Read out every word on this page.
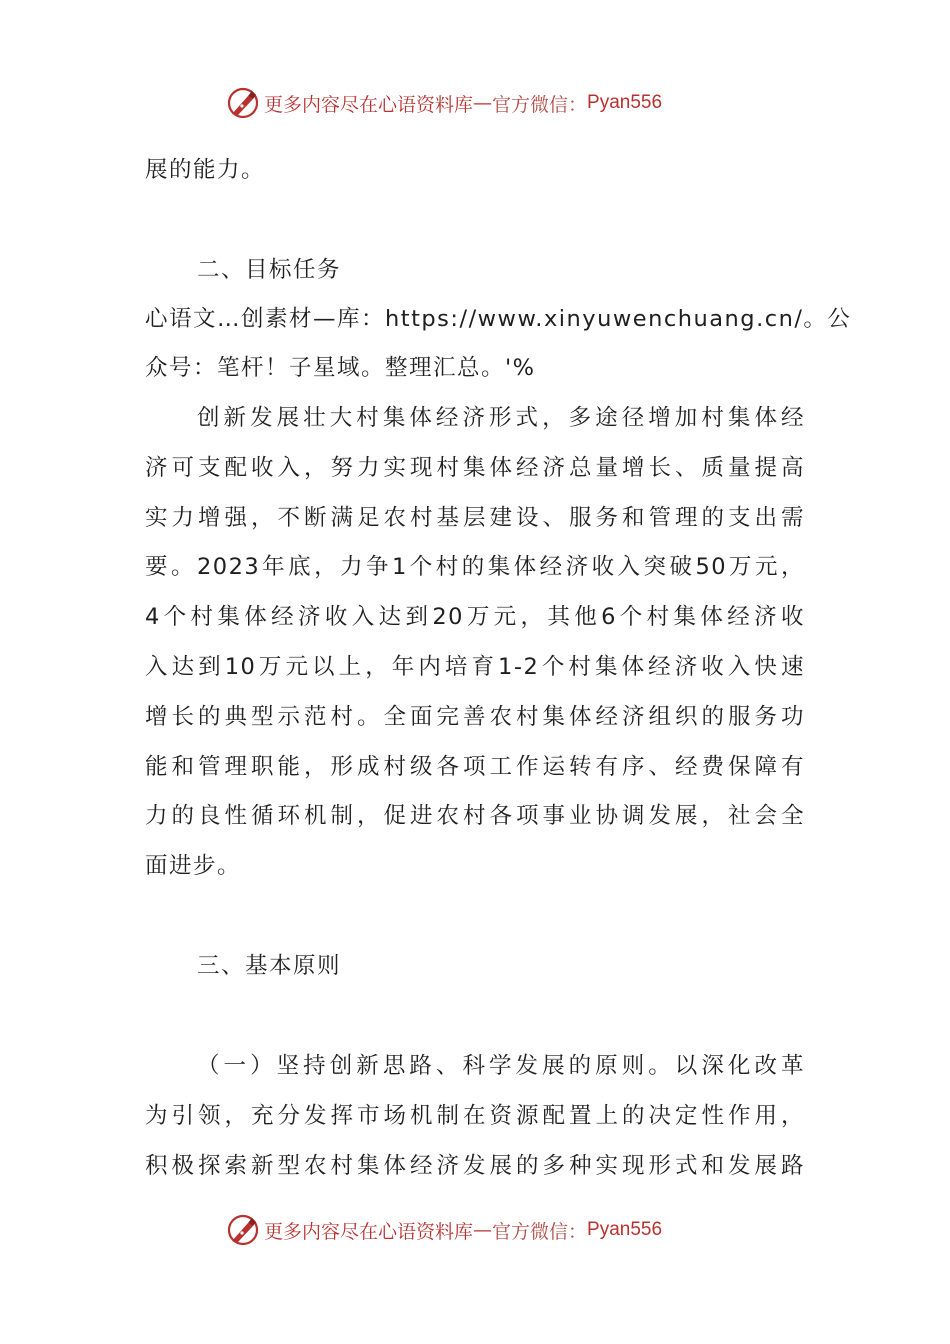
更多内容尽在心语资料库 — 官方微信： Pyan556
展的能力。
二、目标任务
心语文…创素材—库：https://www.xinyuwenchuang.cn/。公
众号：笔杆！子星域。整理汇总。'%
创新发展壮大村集体经济形式，多途径增加村集体经
济可支配收入，努力实现村集体经济总量增长、质量提高
实力增强，不断满足农村基层建设、服务和管理的支出需
要。2023年底，力争1个村的集体经济收入突破50万元，
4个村集体经济收入达到20万元，其他6个村集体经济收
入达到10万元以上，年内培育1-2个村集体经济收入快速
增长的典型示范村。全面完善农村集体经济组织的服务功
能和管理职能，形成村级各项工作运转有序、经费保障有
力的良性循环机制，促进农村各项事业协调发展，社会全
面进步。
三、基本原则
（一）坚持创新思路、科学发展的原则。以深化改革
为引领，充分发挥市场机制在资源配置上的决定性作用，
积极探索新型农村集体经济发展的多种实现形式和发展路
更多内容尽在心语资料库 — 官方微信： Pyan556
